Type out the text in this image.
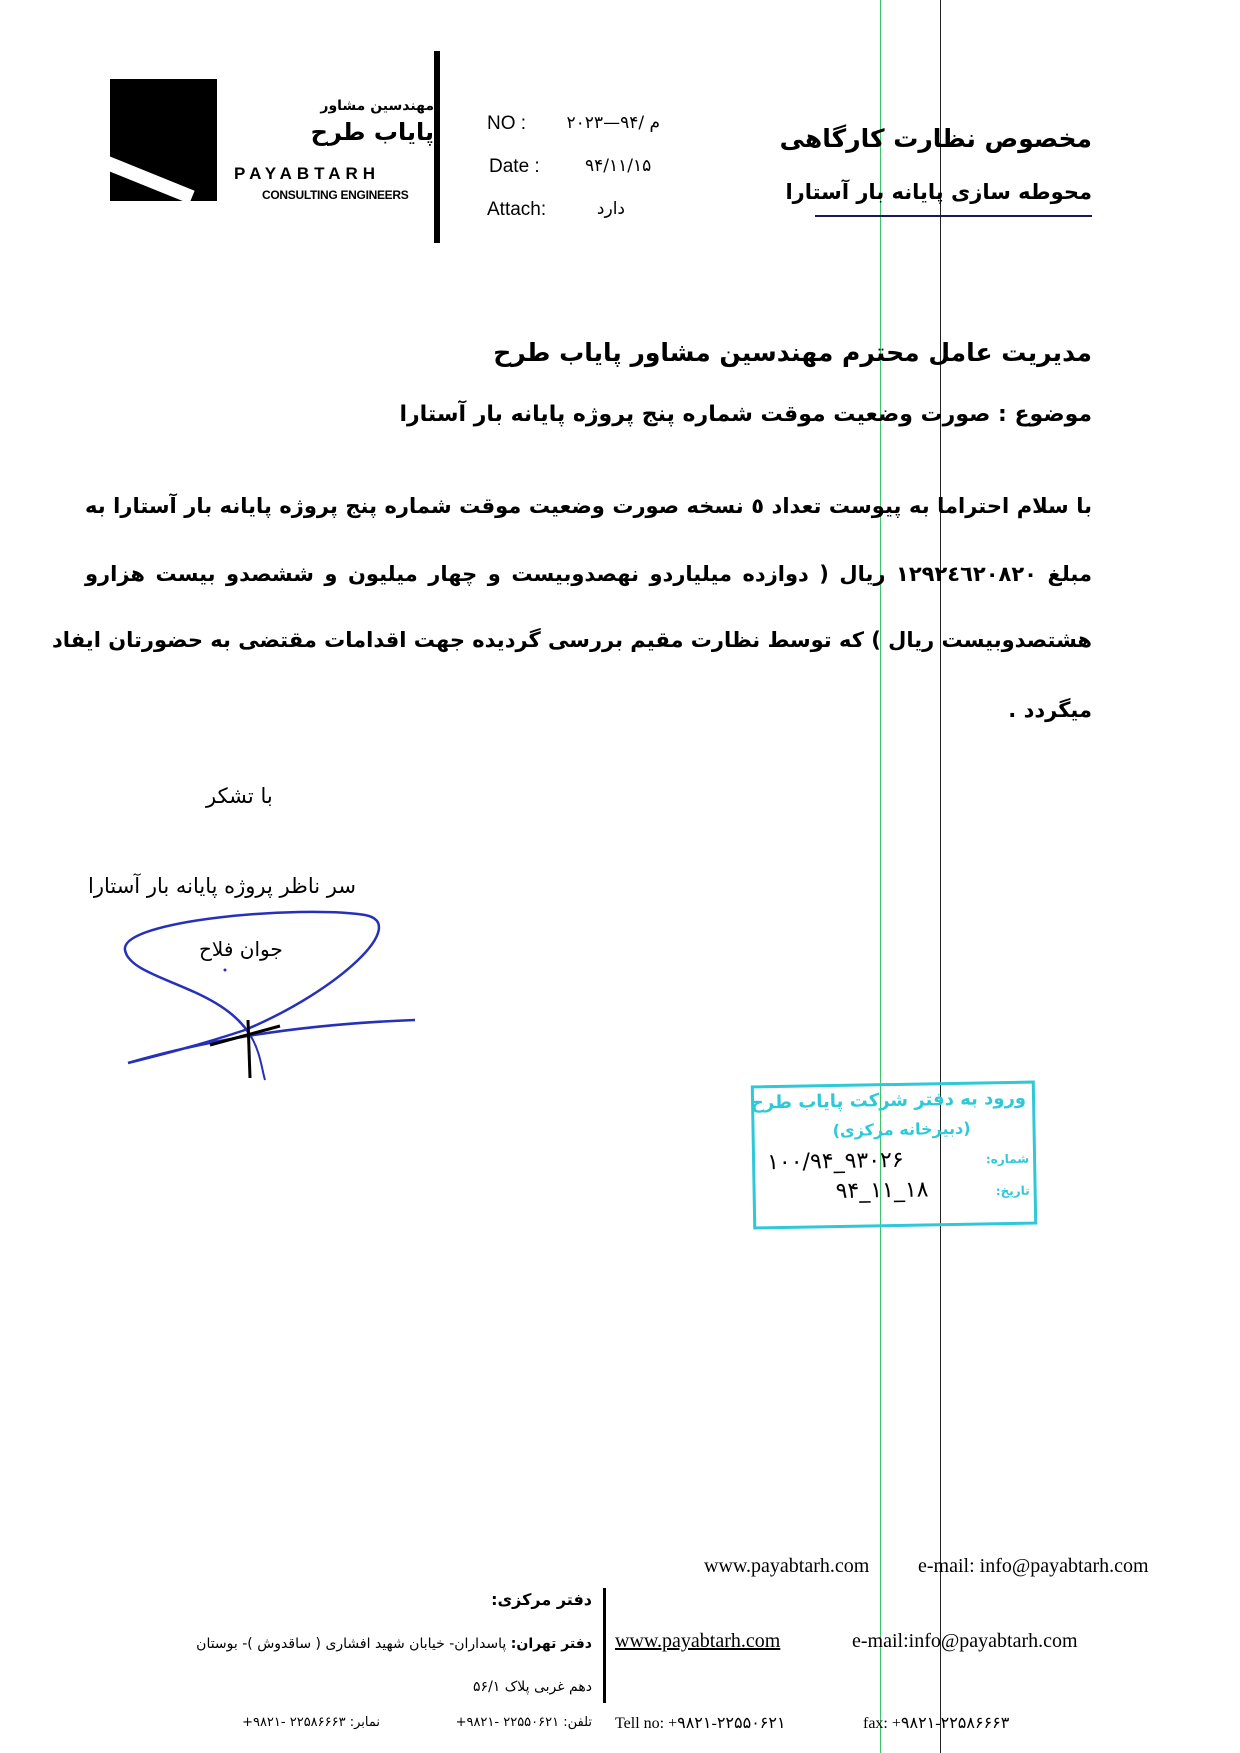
مهندسین مشاور
پایاب طرح
PAYABTARH
CONSULTING ENGINEERS
NO : م /۹۴—۲۰۲۳
Date :	۹۴/۱۱/۱۵
Attach:	دارد
مخصوص نظارت کارگاهی
محوطه سازی پایانه بار آستارا
مدیریت عامل محترم مهندسین مشاور پایاب طرح
موضوع : صورت وضعیت موقت شماره پنج پروژه پایانه بار آستارا
با سلام احتراما به پیوست تعداد ٥ نسخه صورت وضعیت موقت شماره پنج پروژه پایانه بار آستارا به
مبلغ ۱۲۹۲٤٦۲۰۸۲۰ ریال ( دوازده میلیاردو نهصدوبیست و چهار میلیون و ششصدو بیست هزارو
هشتصدوبیست ریال ) که توسط نظارت مقیم بررسی گردیده جهت اقدامات مقتضی به حضورتان ایفاد
میگردد .
با تشکر
سر ناظر پروژه پایانه بار آستارا
جوان فلاح
ورود به دفتر شرکت پایاب طرح
(دبیرخانه مرکزی)
شماره:
۱۰۰/۹۴_۹۳۰۲۶
تاریخ:
۹۴_۱۱_۱۸
www.payabtarh.com e-mail: info@payabtarh.com
دفتر مرکزی:
دفتر تهران: پاسداران- خیابان شهید افشاری ( ساقدوش )- بوستان
دهم غربی پلاک ۵۶/۱
تلفن: ۲۲۵۵۰۶۲۱ -۹۸۲۱+
نمابر: ۲۲۵۸۶۶۶۳ -۹۸۲۱+
www.payabtarh.com	e-mail:info@payabtarh.com
Tell no: +۹۸۲۱-۲۲۵۵۰۶۲۱	fax: +۹۸۲۱-۲۲۵۸۶۶۶۳
